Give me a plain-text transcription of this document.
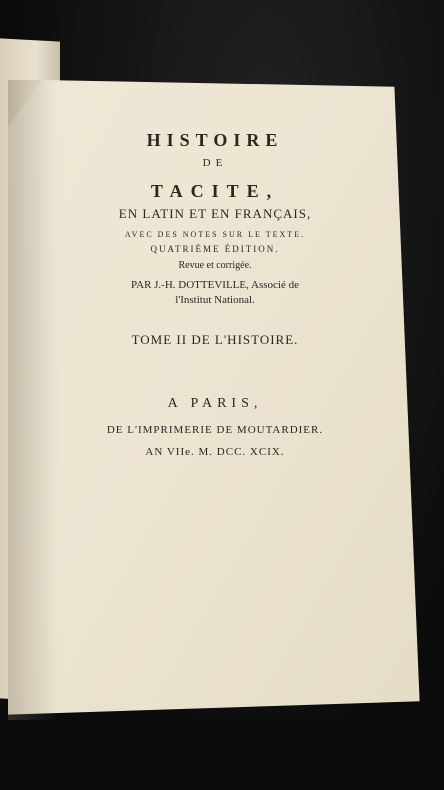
HISTOIRE
DE
TACITE,
EN LATIN ET EN FRANÇAIS,
AVEC DES NOTES SUR LE TEXTE.
QUATRIÈME ÉDITION.
Revue et corrigée.
PAR J.-H. DOTTEVILLE, Associé de
l'Institut National.
TOME II DE L'HISTOIRE.
A PARIS,
DE L'IMPRIMERIE DE MOUTARDIER.
AN VIIe. M. DCC. XCIX.
